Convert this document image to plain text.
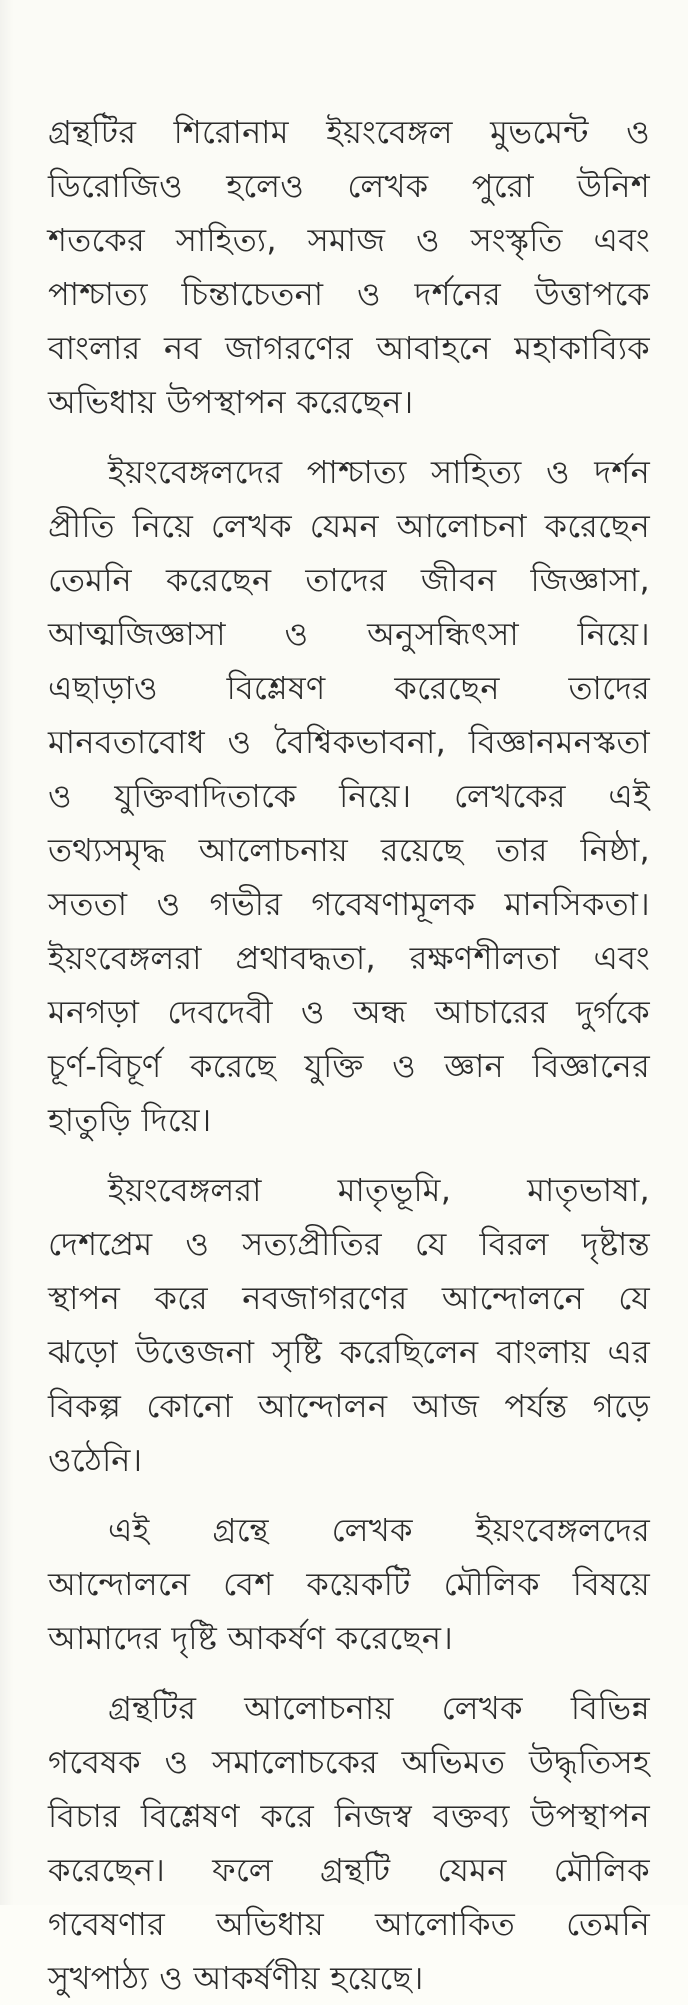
গ্রন্থটির শিরোনাম ইয়ংবেঙ্গল মুভমেন্ট ও
ডিরোজিও হলেও লেখক পুরো উনিশ
শতকের সাহিত্য, সমাজ ও সংস্কৃতি এবং
পাশ্চাত্য চিন্তাচেতনা ও দর্শনের উত্তাপকে
বাংলার নব জাগরণের আবাহনে মহাকাব্যিক
অভিধায় উপস্থাপন করেছেন।

ইয়ংবেঙ্গলদের পাশ্চাত্য সাহিত্য ও দর্শন
প্রীতি নিয়ে লেখক যেমন আলোচনা করেছেন
তেমনি করেছেন তাদের জীবন জিজ্ঞাসা,
আত্মজিজ্ঞাসা ও অনুসন্ধিৎসা নিয়ে।
এছাড়াও বিশ্লেষণ করেছেন তাদের
মানবতাবোধ ও বৈশ্বিকভাবনা, বিজ্ঞানমনস্কতা
ও যুক্তিবাদিতাকে নিয়ে। লেখকের এই
তথ্যসমৃদ্ধ আলোচনায় রয়েছে তার নিষ্ঠা,
সততা ও গভীর গবেষণামূলক মানসিকতা।
ইয়ংবেঙ্গলরা প্রথাবদ্ধতা, রক্ষণশীলতা এবং
মনগড়া দেবদেবী ও অন্ধ আচারের দুর্গকে
চূর্ণ-বিচূর্ণ করেছে যুক্তি ও জ্ঞান বিজ্ঞানের
হাতুড়ি দিয়ে।

ইয়ংবেঙ্গলরা মাতৃভূমি, মাতৃভাষা,
দেশপ্রেম ও সত্যপ্রীতির যে বিরল দৃষ্টান্ত
স্থাপন করে নবজাগরণের আন্দোলনে যে
ঝড়ো উত্তেজনা সৃষ্টি করেছিলেন বাংলায় এর
বিকল্প কোনো আন্দোলন আজ পর্যন্ত গড়ে
ওঠেনি।

এই গ্রন্থে লেখক ইয়ংবেঙ্গলদের
আন্দোলনে বেশ কয়েকটি মৌলিক বিষয়ে
আমাদের দৃষ্টি আকর্ষণ করেছেন।

গ্রন্থটির আলোচনায় লেখক বিভিন্ন
গবেষক ও সমালোচকের অভিমত উদ্ধৃতিসহ
বিচার বিশ্লেষণ করে নিজস্ব বক্তব্য উপস্থাপন
করেছেন। ফলে গ্রন্থটি যেমন মৌলিক
গবেষণার অভিধায় আলোকিত তেমনি
সুখপাঠ্য ও আকর্ষণীয় হয়েছে।
